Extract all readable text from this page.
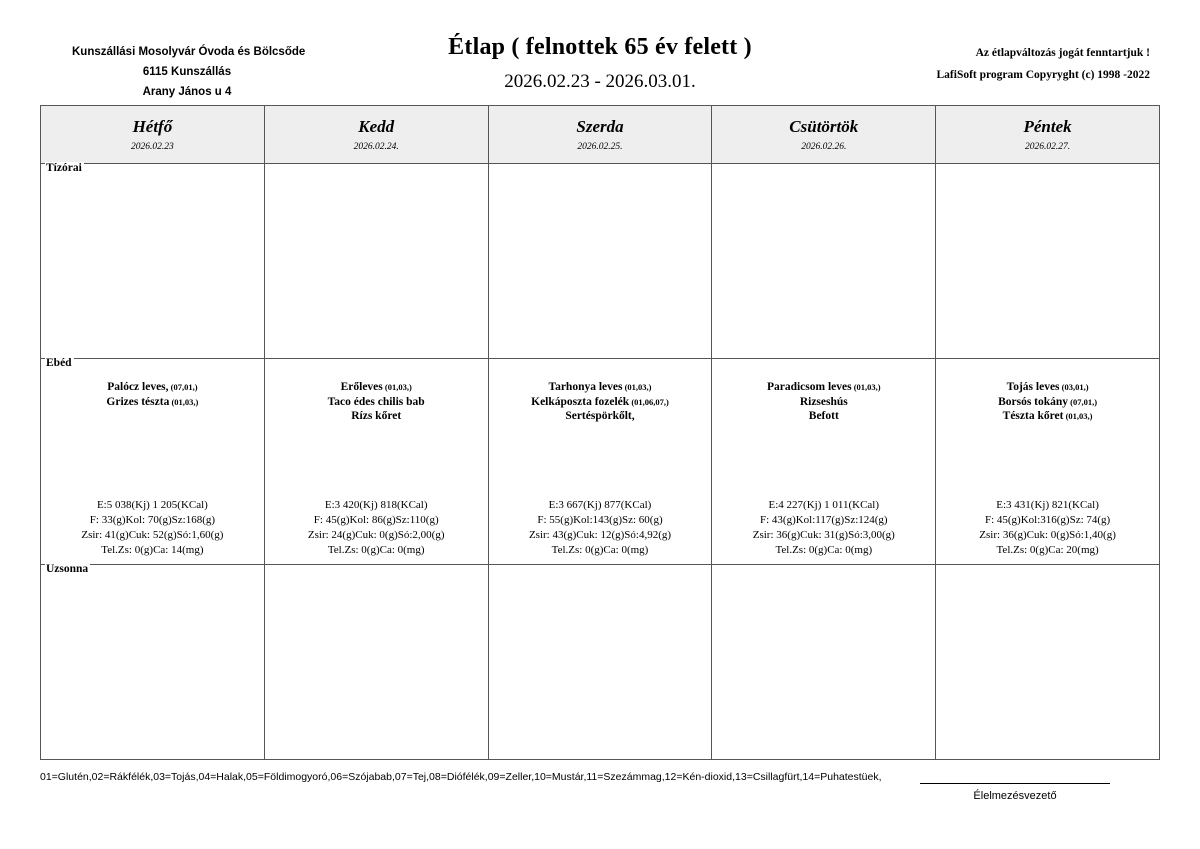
Kunszállási Mosolyvár Óvoda és Bölcsőde
6115 Kunszállás
Arany János u 4
Étlap ( felnottek 65 év felett )
2026.02.23 - 2026.03.01.
Az étlapváltozás jogát fenntartjuk !
LafiSoft program Copyryght (c) 1998 -2022
Hétfő
2026.02.23
Kedd
2026.02.24.
Szerda
2026.02.25.
Csütörtök
2026.02.26.
Péntek
2026.02.27.
Tízórai
Ebéd
Palócz leves, (07,01,)
Grizes tészta (01,03,)
E:5 038(Kj) 1 205(KCal)
F: 33(g)Kol: 70(g)Sz:168(g)
Zsir: 41(g)Cuk: 52(g)Só:1,60(g)
Tel.Zs: 0(g)Ca: 14(mg)
Erőleves (01,03,)
Taco édes chilis bab
Rízs kőret
E:3 420(Kj) 818(KCal)
F: 45(g)Kol: 86(g)Sz:110(g)
Zsir: 24(g)Cuk: 0(g)Só:2,00(g)
Tel.Zs: 0(g)Ca: 0(mg)
Tarhonya leves (01,03,)
Kelkáposzta fozelék (01,06,07,)
Sertéspörkőlt,
E:3 667(Kj) 877(KCal)
F: 55(g)Kol:143(g)Sz: 60(g)
Zsir: 43(g)Cuk: 12(g)Só:4,92(g)
Tel.Zs: 0(g)Ca: 0(mg)
Paradicsom leves (01,03,)
Rizseshús
Befott
E:4 227(Kj) 1 011(KCal)
F: 43(g)Kol:117(g)Sz:124(g)
Zsir: 36(g)Cuk: 31(g)Só:3,00(g)
Tel.Zs: 0(g)Ca: 0(mg)
Tojás leves (03,01,)
Borsós tokány (07,01,)
Tészta kőret (01,03,)
E:3 431(Kj) 821(KCal)
F: 45(g)Kol:316(g)Sz: 74(g)
Zsir: 36(g)Cuk: 0(g)Só:1,40(g)
Tel.Zs: 0(g)Ca: 20(mg)
Uzsonna
01=Glutén,02=Rákfélék,03=Tojás,04=Halak,05=Földimogyoró,06=Szójabab,07=Tej,08=Diófélék,09=Zeller,10=Mustár,11=Szezámmag,12=Kén-dioxid,13=Csillagfürt,14=Puhatestüek,
Élelmezésvezető
